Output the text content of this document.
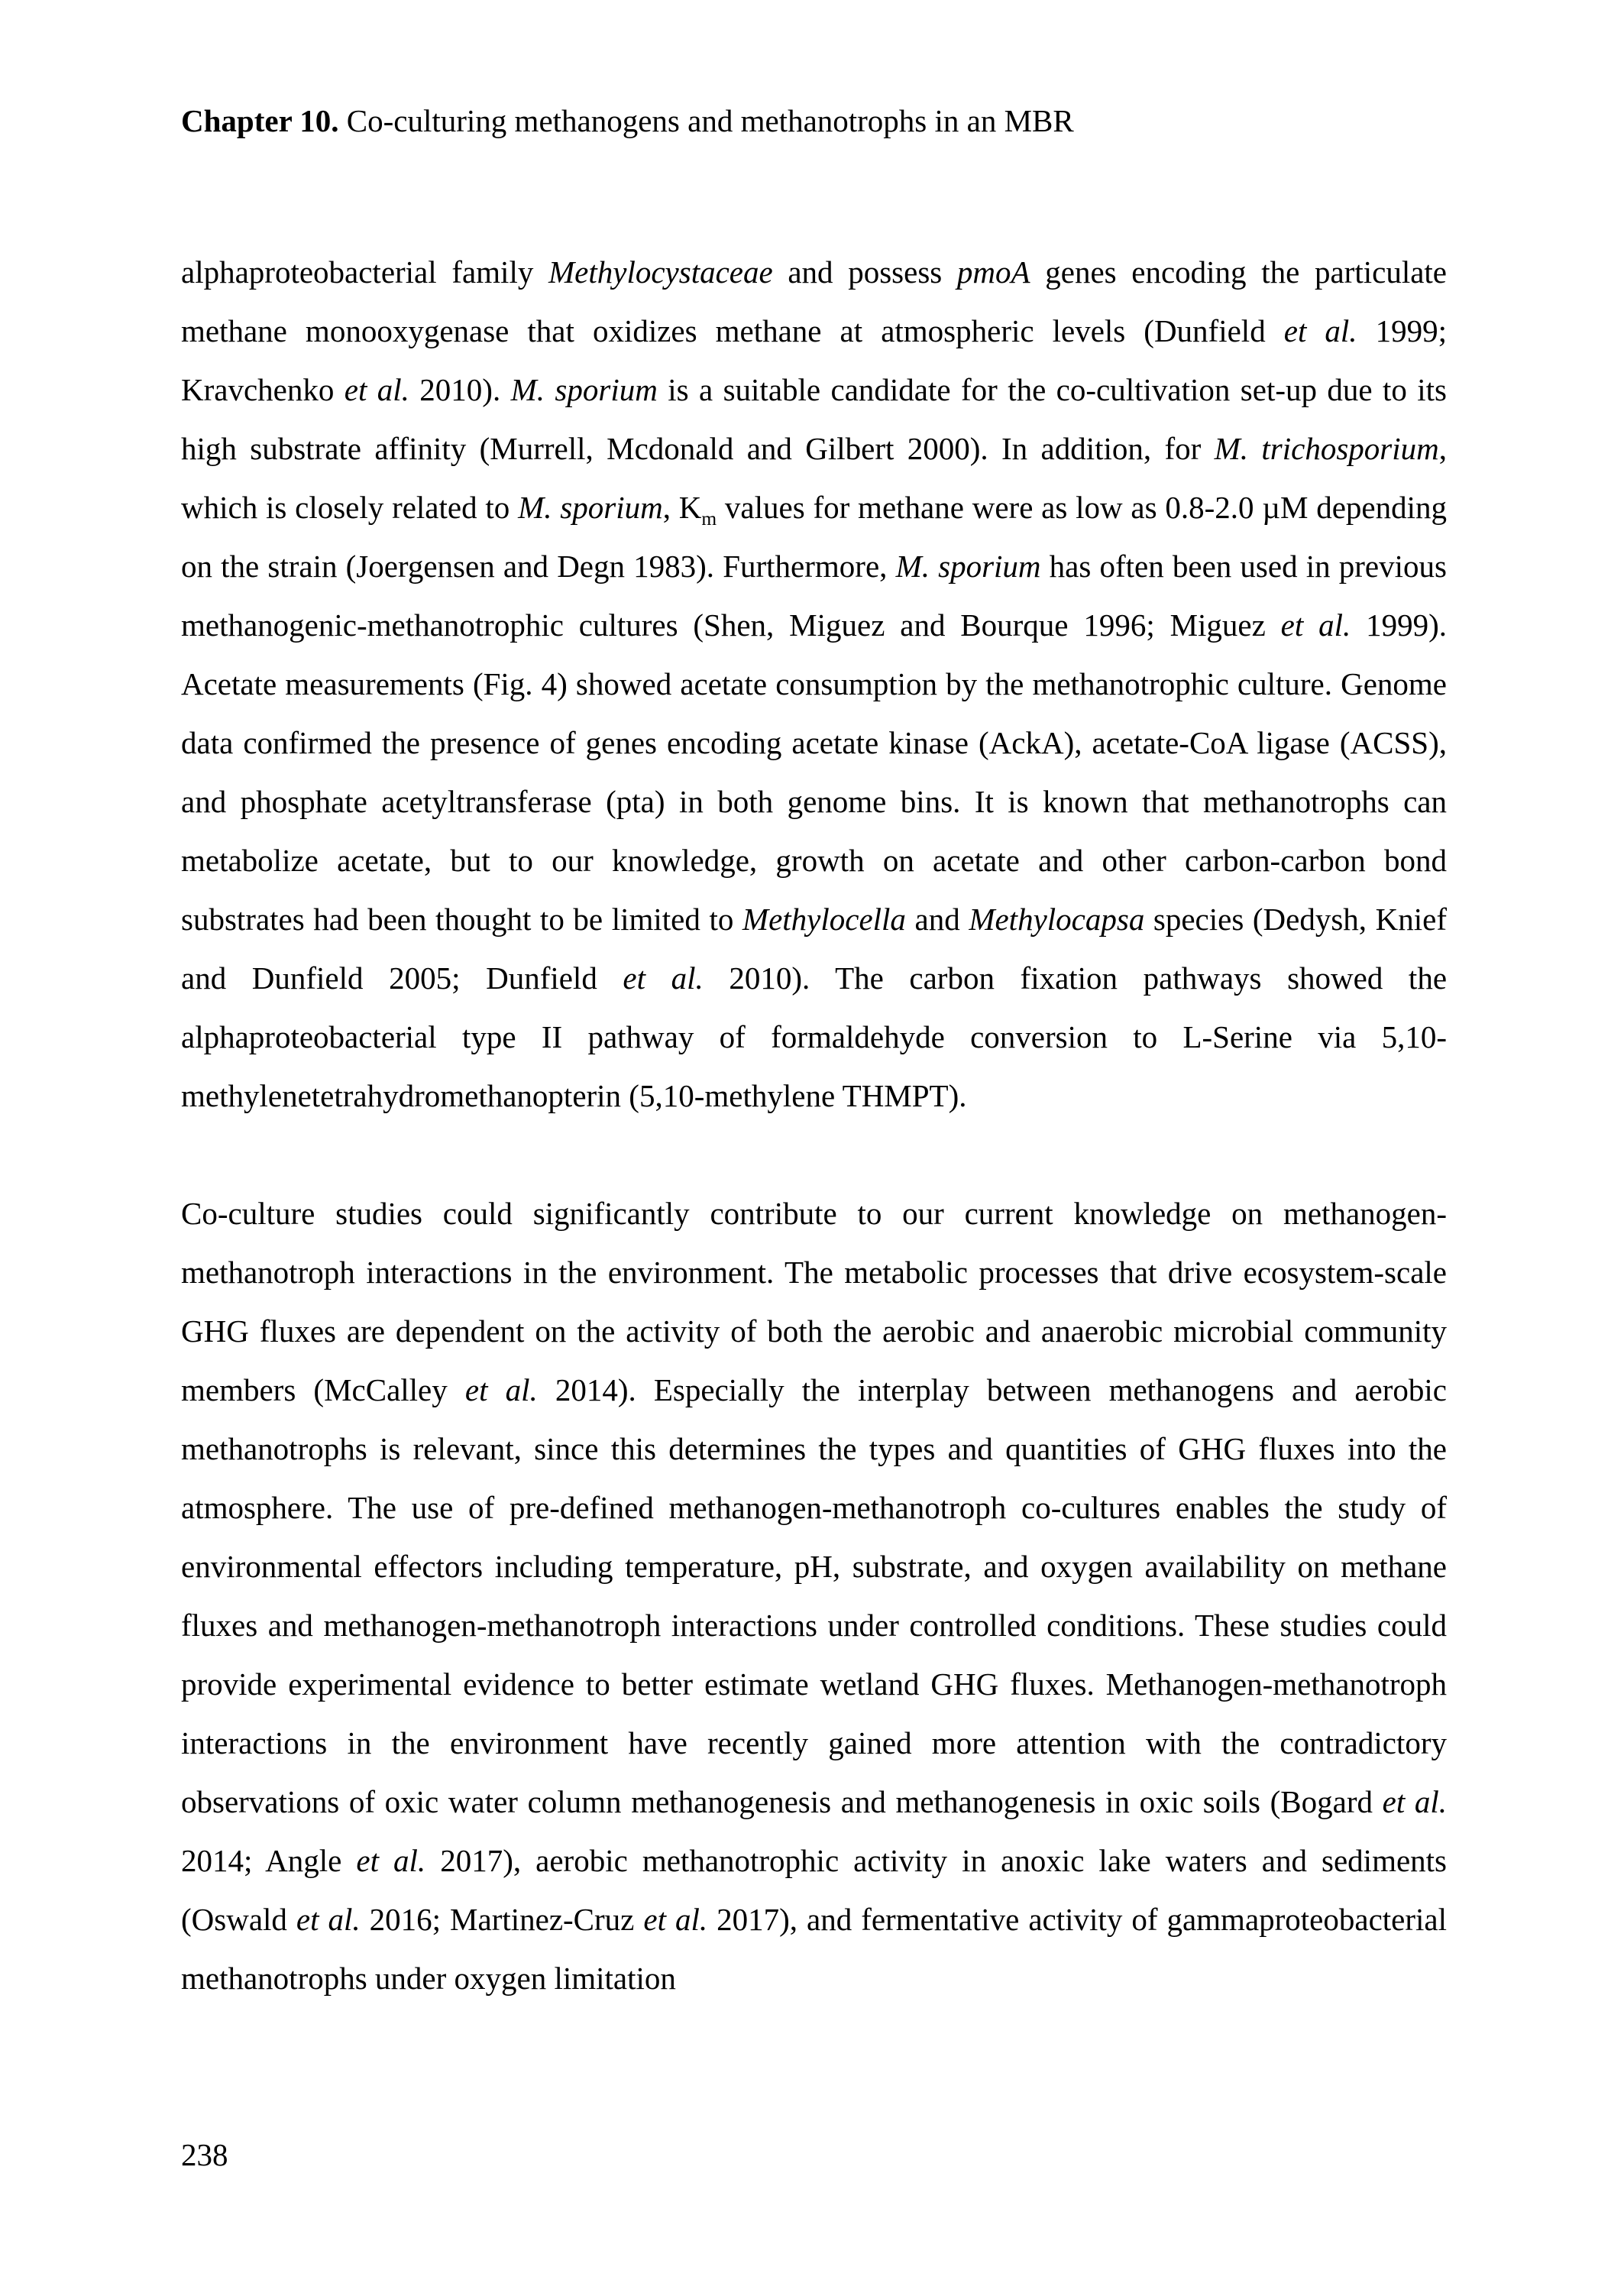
Chapter 10. Co-culturing methanogens and methanotrophs in an MBR

alphaproteobacterial family Methylocystaceae and possess pmoA genes encoding the particulate methane monooxygenase that oxidizes methane at atmospheric levels (Dunfield et al. 1999; Kravchenko et al. 2010). M. sporium is a suitable candidate for the co-cultivation set-up due to its high substrate affinity (Murrell, Mcdonald and Gilbert 2000). In addition, for M. trichosporium, which is closely related to M. sporium, $K_m$ values for methane were as low as 0.8-2.0 µM depending on the strain (Joergensen and Degn 1983). Furthermore, M. sporium has often been used in previous methanogenic-methanotrophic cultures (Shen, Miguez and Bourque 1996; Miguez et al. 1999). Acetate measurements (Fig. 4) showed acetate consumption by the methanotrophic culture. Genome data confirmed the presence of genes encoding acetate kinase (AckA), acetate-CoA ligase (ACSS), and phosphate acetyltransferase (pta) in both genome bins. It is known that methanotrophs can metabolize acetate, but to our knowledge, growth on acetate and other carbon-carbon bond substrates had been thought to be limited to Methylocella and Methylocapsa species (Dedysh, Knief and Dunfield 2005; Dunfield et al. 2010). The carbon fixation pathways showed the alphaproteobacterial type II pathway of formaldehyde conversion to L-Serine via 5,10-methylenetetrahydromethanopterin (5,10-methylene THMPT).

Co-culture studies could significantly contribute to our current knowledge on methanogen-methanotroph interactions in the environment. The metabolic processes that drive ecosystem-scale GHG fluxes are dependent on the activity of both the aerobic and anaerobic microbial community members (McCalley et al. 2014). Especially the interplay between methanogens and aerobic methanotrophs is relevant, since this determines the types and quantities of GHG fluxes into the atmosphere. The use of pre-defined methanogen-methanotroph co-cultures enables the study of environmental effectors including temperature, pH, substrate, and oxygen availability on methane fluxes and methanogen-methanotroph interactions under controlled conditions. These studies could provide experimental evidence to better estimate wetland GHG fluxes. Methanogen-methanotroph interactions in the environment have recently gained more attention with the contradictory observations of oxic water column methanogenesis and methanogenesis in oxic soils (Bogard et al. 2014; Angle et al. 2017), aerobic methanotrophic activity in anoxic lake waters and sediments (Oswald et al. 2016; Martinez-Cruz et al. 2017), and fermentative activity of gammaproteobacterial methanotrophs under oxygen limitation

238
